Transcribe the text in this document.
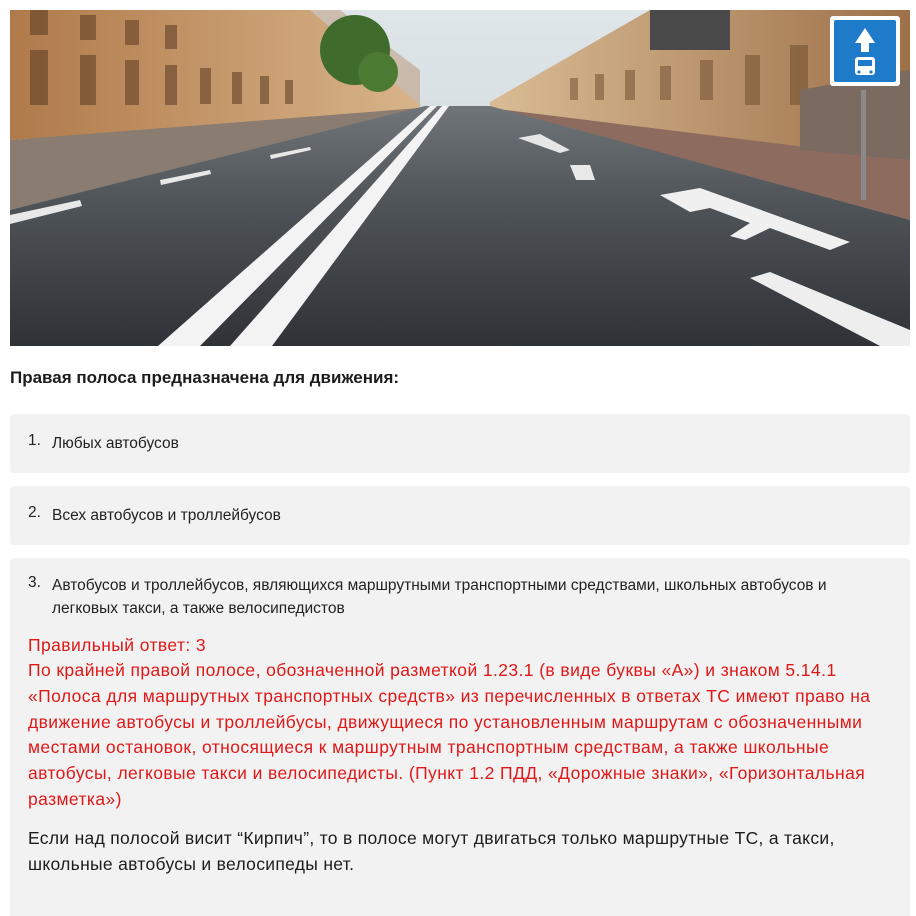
Правая полоса предназначена для движения:
1. Любых автобусов
2. Всех автобусов и троллейбусов
3. Автобусов и троллейбусов, являющихся маршрутными транспортными средствами, школьных автобусов и легковых такси, а также велосипедистов
Правильный ответ: 3
По крайней правой полосе, обозначенной разметкой 1.23.1 (в виде буквы «А») и знаком 5.14.1 «Полоса для маршрутных транспортных средств» из перечисленных в ответах ТС имеют право на движение автобусы и троллейбусы, движущиеся по установленным маршрутам с обозначенными местами остановок, относящиеся к маршрутным транспортным средствам, а также школьные автобусы, легковые такси и велосипедисты. (Пункт 1.2 ПДД, «Дорожные знаки», «Горизонтальная разметка»)
Если над полосой висит “Кирпич”, то в полосе могут двигаться только маршрутные ТС, а такси, школьные автобусы и велосипеды нет.
